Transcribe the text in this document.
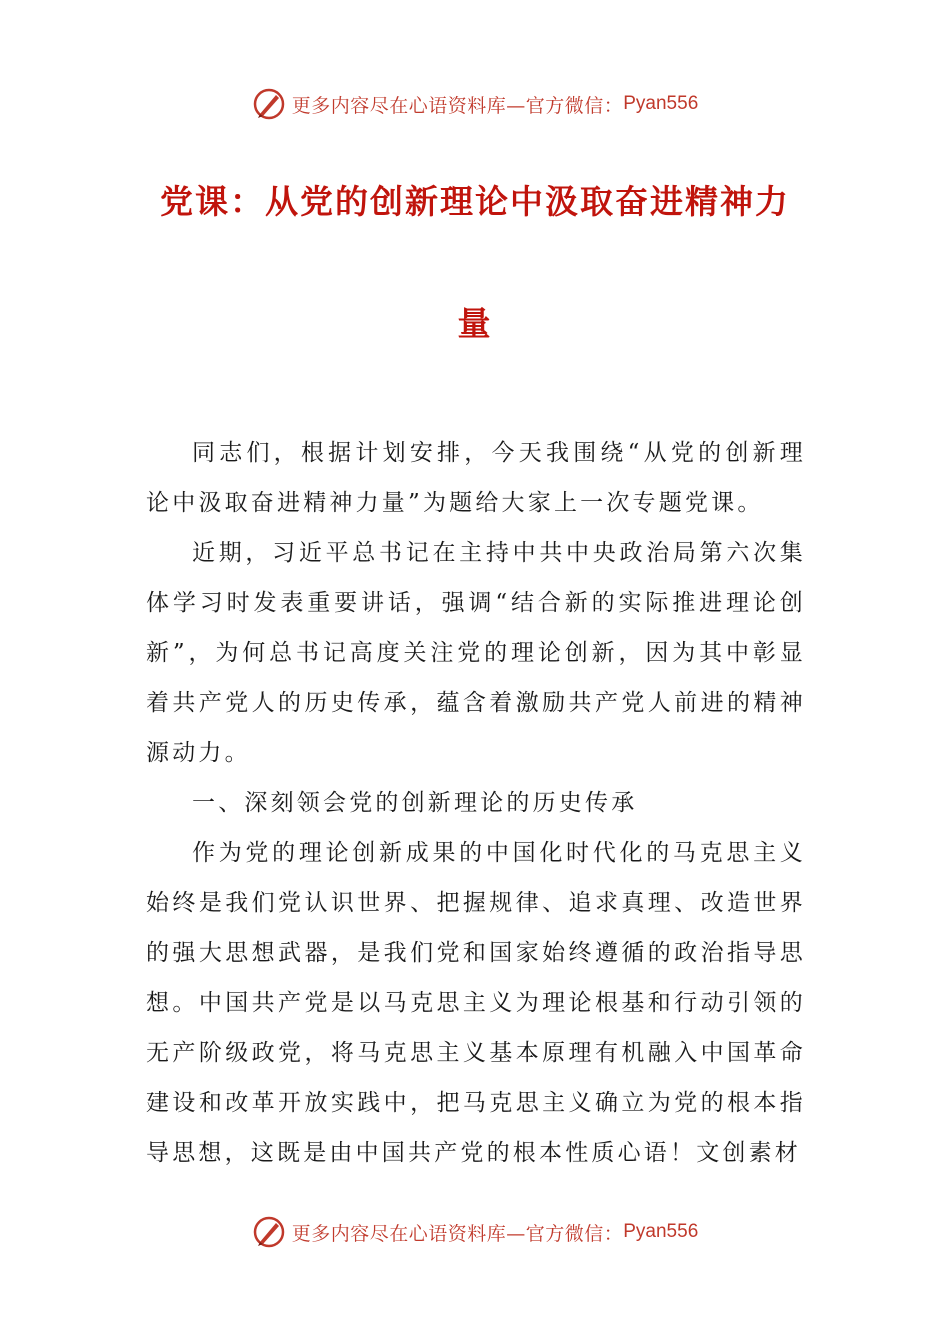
更多内容尽在心语资料库—官方微信： Pyan556
党课：从党的创新理论中汲取奋进精神力
量

同志们，根据计划安排，今天我围绕“从党的创新理论中汲取奋进精神力量”为题给大家上一次专题党课。

近期，习近平总书记在主持中共中央政治局第六次集体学习时发表重要讲话，强调“结合新的实际推进理论创新”，为何总书记高度关注党的理论创新，因为其中彰显着共产党人的历史传承，蕴含着激励共产党人前进的精神源动力。

一、深刻领会党的创新理论的历史传承

作为党的理论创新成果的中国化时代化的马克思主义始终是我们党认识世界、把握规律、追求真理、改造世界的强大思想武器，是我们党和国家始终遵循的政治指导思想。中国共产党是以马克思主义为理论根基和行动引领的无产阶级政党，将马克思主义基本原理有机融入中国革命建设和改革开放实践中，把马克思主义确立为党的根本指导思想，这既是由中国共产党的根本性质心语！文创素材

更多内容尽在心语资料库—官方微信： Pyan556
